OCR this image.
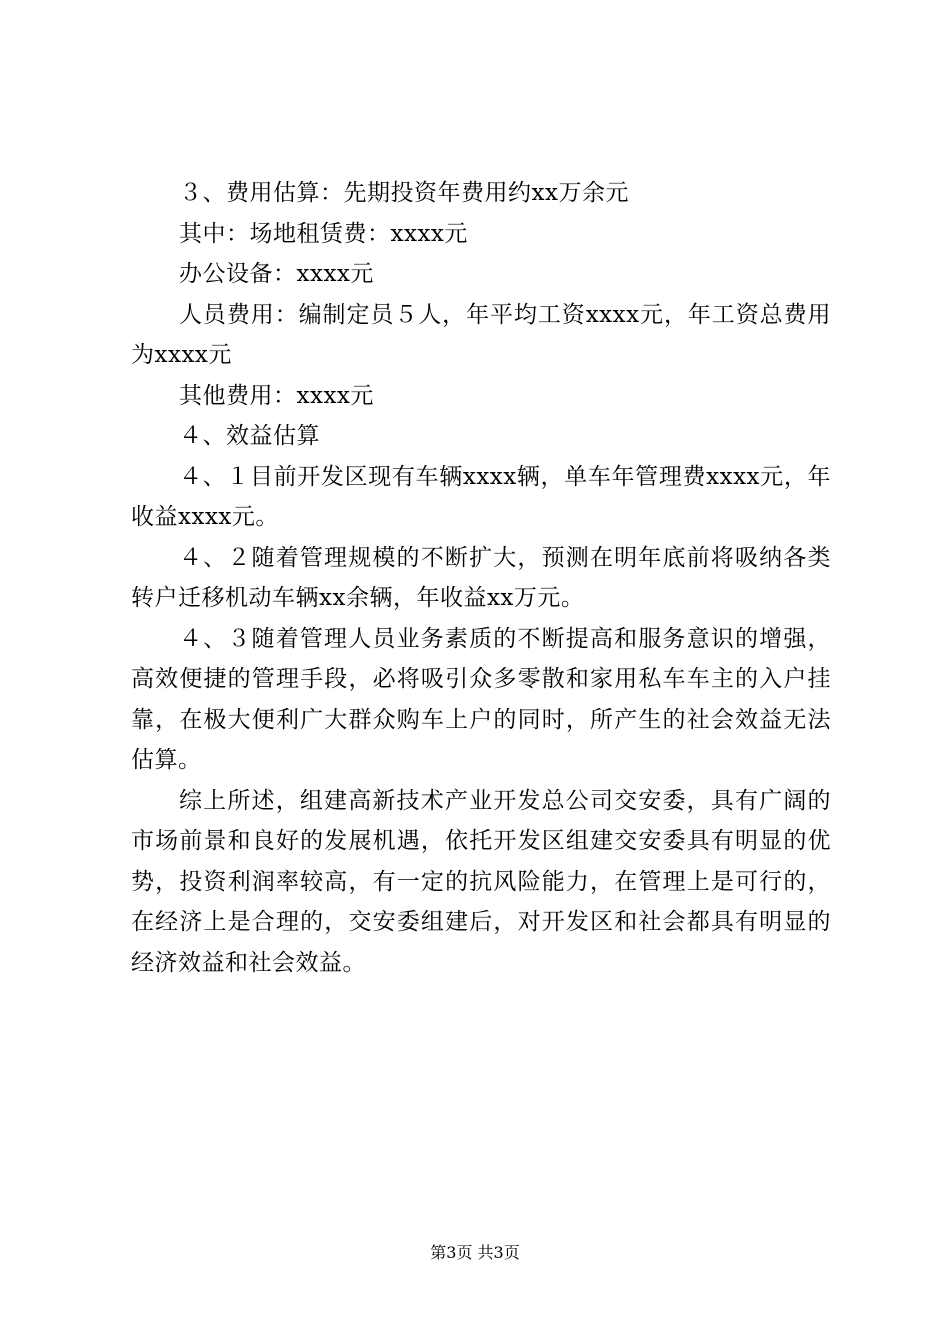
３、费用估算：先期投资年费用约xx万余元

其中：场地租赁费：xxxx元

办公设备：xxxx元

人员费用：编制定员５人，年平均工资xxxx元，年工资总费用为xxxx元

其他费用：xxxx元

４、效益估算

４、１目前开发区现有车辆xxxx辆，单车年管理费xxxx元，年收益xxxx元。

４、２随着管理规模的不断扩大，预测在明年底前将吸纳各类转户迁移机动车辆xx余辆，年收益xx万元。

４、３随着管理人员业务素质的不断提高和服务意识的增强，高效便捷的管理手段，必将吸引众多零散和家用私车车主的入户挂靠，在极大便利广大群众购车上户的同时，所产生的社会效益无法估算。

综上所述，组建高新技术产业开发总公司交安委，具有广阔的市场前景和良好的发展机遇，依托开发区组建交安委具有明显的优势，投资利润率较高，有一定的抗风险能力，在管理上是可行的，在经济上是合理的，交安委组建后，对开发区和社会都具有明显的经济效益和社会效益。

第3页 共3页
